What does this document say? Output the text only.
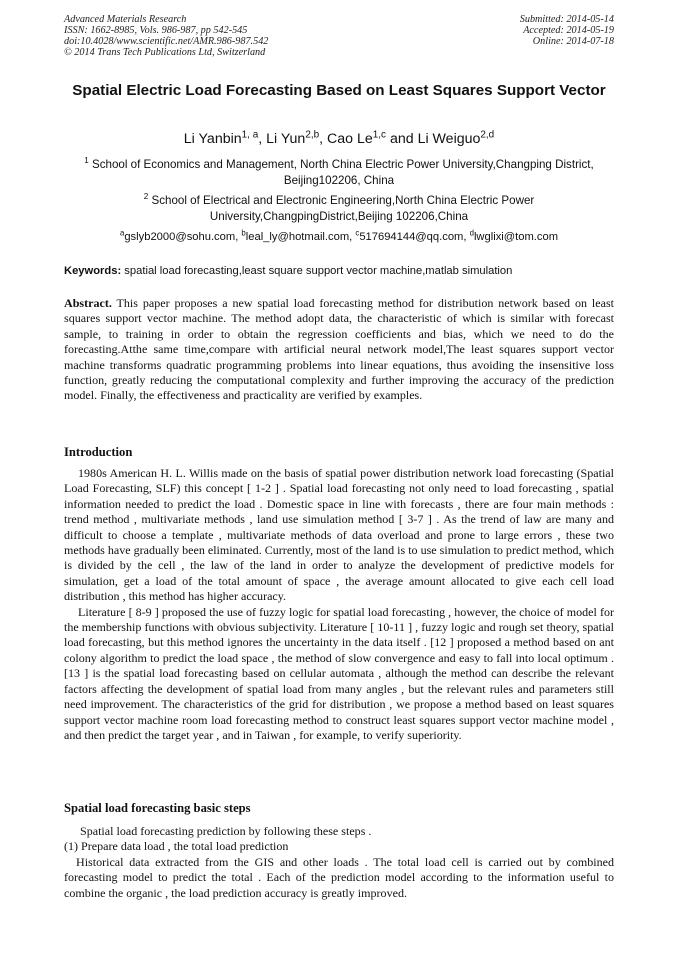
Advanced Materials Research
ISSN: 1662-8985, Vols. 986-987, pp 542-545
doi:10.4028/www.scientific.net/AMR.986-987.542
© 2014 Trans Tech Publications Ltd, Switzerland
Submitted: 2014-05-14
Accepted: 2014-05-19
Online: 2014-07-18
Spatial Electric Load Forecasting Based on Least Squares Support Vector
Li Yanbin$^{1, a}$, Li Yun$^{2,b}$, Cao Le$^{1,c}$ and Li Weiguo$^{2,d}$
$^1$ School of Economics and Management, North China Electric Power University,Changping District, Beijing102206, China
$^2$ School of Electrical and Electronic Engineering,North China Electric Power University,ChangpingDistrict,Beijing 102206,China
$^a$gslyb2000@sohu.com, $^b$leal_ly@hotmail.com, $^c$517694144@qq.com, $^d$lwglixi@tom.com
Keywords: spatial load forecasting,least square support vector machine,matlab simulation

Abstract. This paper proposes a new spatial load forecasting method for distribution network based on least squares support vector machine. The method adopt data, the characteristic of which is similar with forecast sample, to training in order to obtain the regression coefficients and bias, which we need to do the forecasting.Atthe same time,compare with artificial neural network model,The least squares support vector machine transforms quadratic programming problems into linear equations, thus avoiding the insensitive loss function, greatly reducing the computational complexity and further improving the accuracy of the prediction model. Finally, the effectiveness and practicality are verified by examples.

Introduction

1980s American H. L. Willis made on the basis of spatial power distribution network load forecasting (Spatial Load Forecasting, SLF) this concept [ 1-2 ] . Spatial load forecasting not only need to load forecasting , spatial information needed to predict the load . Domestic space in line with forecasts , there are four main methods : trend method , multivariate methods , land use simulation method [ 3-7 ] . As the trend of law are many and difficult to choose a template , multivariate methods of data overload and prone to large errors , these two methods have gradually been eliminated. Currently, most of the land is to use simulation to predict method, which is divided by the cell , the law of the land in order to analyze the development of predictive models for simulation, get a load of the total amount of space , the average amount allocated to give each cell load distribution , this method has higher accuracy.

Literature [ 8-9 ] proposed the use of fuzzy logic for spatial load forecasting , however, the choice of model for the membership functions with obvious subjectivity. Literature [ 10-11 ] , fuzzy logic and rough set theory, spatial load forecasting, but this method ignores the uncertainty in the data itself . [12 ] proposed a method based on ant colony algorithm to predict the load space , the method of slow convergence and easy to fall into local optimum . [13 ] is the spatial load forecasting based on cellular automata , although the method can describe the relevant factors affecting the development of spatial load from many angles , but the relevant rules and parameters still need improvement. The characteristics of the grid for distribution , we propose a method based on least squares support vector machine room load forecasting method to construct least squares support vector machine model , and then predict the target year , and in Taiwan , for example, to verify superiority.

Spatial load forecasting basic steps

Spatial load forecasting prediction by following these steps .

(1) Prepare data load , the total load prediction

Historical data extracted from the GIS and other loads . The total load cell is carried out by combined forecasting model to predict the total . Each of the prediction model according to the information useful to combine the organic , the load prediction accuracy is greatly improved.
